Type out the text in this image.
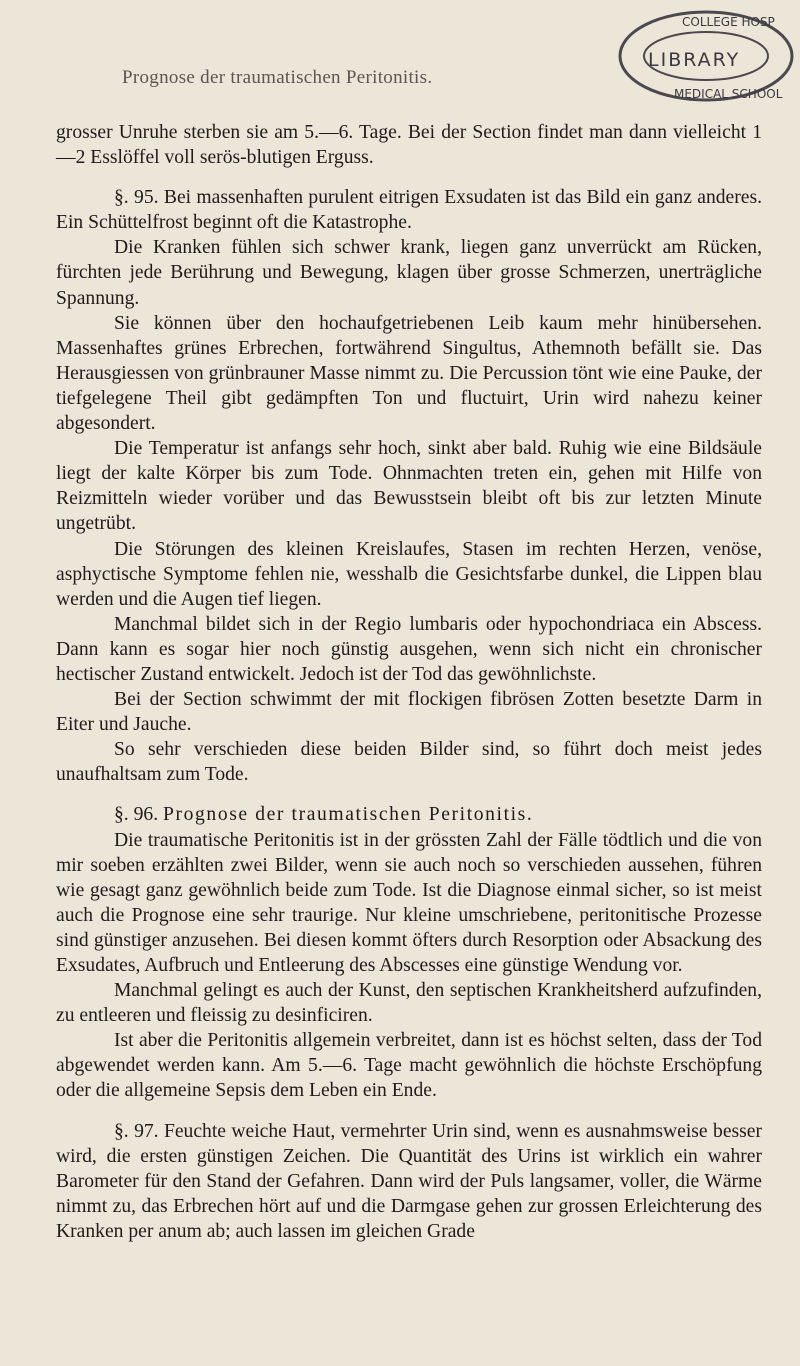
Prognose der traumatischen Peritonitis.
LIBRARY
COLLEGE HOSP
MEDICAL SCHOOL

grosser Unruhe sterben sie am 5.—6. Tage. Bei der Section findet man dann vielleicht 1—2 Esslöffel voll serös-blutigen Erguss.

§. 95. Bei massenhaften purulent eitrigen Exsudaten ist das Bild ein ganz anderes. Ein Schüttelfrost beginnt oft die Katastrophe.

Die Kranken fühlen sich schwer krank, liegen ganz unverrückt am Rücken, fürchten jede Berührung und Bewegung, klagen über grosse Schmerzen, unerträgliche Spannung.

Sie können über den hochaufgetriebenen Leib kaum mehr hinübersehen. Massenhaftes grünes Erbrechen, fortwährend Singultus, Athemnoth befällt sie. Das Herausgiessen von grünbrauner Masse nimmt zu. Die Percussion tönt wie eine Pauke, der tiefgelegene Theil gibt gedämpften Ton und fluctuirt, Urin wird nahezu keiner abgesondert.

Die Temperatur ist anfangs sehr hoch, sinkt aber bald. Ruhig wie eine Bildsäule liegt der kalte Körper bis zum Tode. Ohnmachten treten ein, gehen mit Hilfe von Reizmitteln wieder vorüber und das Bewusstsein bleibt oft bis zur letzten Minute ungetrübt.

Die Störungen des kleinen Kreislaufes, Stasen im rechten Herzen, venöse, asphyctische Symptome fehlen nie, wesshalb die Gesichtsfarbe dunkel, die Lippen blau werden und die Augen tief liegen.

Manchmal bildet sich in der Regio lumbaris oder hypochondriaca ein Abscess. Dann kann es sogar hier noch günstig ausgehen, wenn sich nicht ein chronischer hectischer Zustand entwickelt. Jedoch ist der Tod das gewöhnlichste.

Bei der Section schwimmt der mit flockigen fibrösen Zotten besetzte Darm in Eiter und Jauche.

So sehr verschieden diese beiden Bilder sind, so führt doch meist jedes unaufhaltsam zum Tode.

§. 96. Prognose der traumatischen Peritonitis.

Die traumatische Peritonitis ist in der grössten Zahl der Fälle tödtlich und die von mir soeben erzählten zwei Bilder, wenn sie auch noch so verschieden aussehen, führen wie gesagt ganz gewöhnlich beide zum Tode. Ist die Diagnose einmal sicher, so ist meist auch die Prognose eine sehr traurige. Nur kleine umschriebene, peritonitische Prozesse sind günstiger anzusehen. Bei diesen kommt öfters durch Resorption oder Absackung des Exsudates, Aufbruch und Entleerung des Abscesses eine günstige Wendung vor.

Manchmal gelingt es auch der Kunst, den septischen Krankheitsherd aufzufinden, zu entleeren und fleissig zu desinficiren.

Ist aber die Peritonitis allgemein verbreitet, dann ist es höchst selten, dass der Tod abgewendet werden kann. Am 5.—6. Tage macht gewöhnlich die höchste Erschöpfung oder die allgemeine Sepsis dem Leben ein Ende.

§. 97. Feuchte weiche Haut, vermehrter Urin sind, wenn es ausnahmsweise besser wird, die ersten günstigen Zeichen. Die Quantität des Urins ist wirklich ein wahrer Barometer für den Stand der Gefahren. Dann wird der Puls langsamer, voller, die Wärme nimmt zu, das Erbrechen hört auf und die Darmgase gehen zur grossen Erleichterung des Kranken per anum ab; auch lassen im gleichen Grade
